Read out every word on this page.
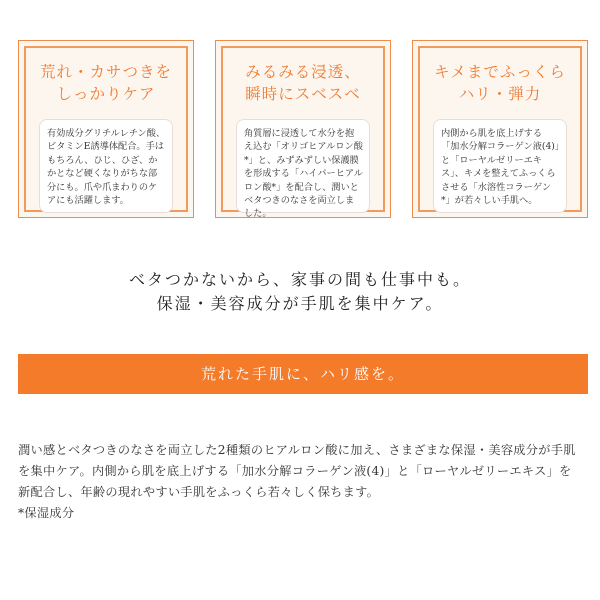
荒れ・カサつきを
しっかりケア

有効成分グリチルレチン酸、ビタミンE誘導体配合。手はもちろん、ひじ、ひざ、かかとなど硬くなりがちな部分にも。爪や爪まわりのケアにも活躍します。

みるみる浸透、
瞬時にスベスベ

角質層に浸透して水分を抱え込む「オリゴヒアルロン酸*」と、みずみずしい保護膜を形成する「ハイパーヒアルロン酸*」を配合し、潤いとベタつきのなさを両立しました。

キメまでふっくら
ハリ・弾力

内側から肌を底上げする「加水分解コラーゲン液(4)」と「ローヤルゼリーエキス」、キメを整えてふっくらさせる「水溶性コラーゲン*」が若々しい手肌へ。

ベタつかないから、家事の間も仕事中も。
保湿・美容成分が手肌を集中ケア。
荒れた手肌に、ハリ感を。

潤い感とベタつきのなさを両立した2種類のヒアルロン酸に加え、さまざまな保湿・美容成分が手肌を集中ケア。内側から肌を底上げする「加水分解コラーゲン液(4)」と「ローヤルゼリーエキス」を新配合し、年齢の現れやすい手肌をふっくら若々しく保ちます。

*保湿成分
